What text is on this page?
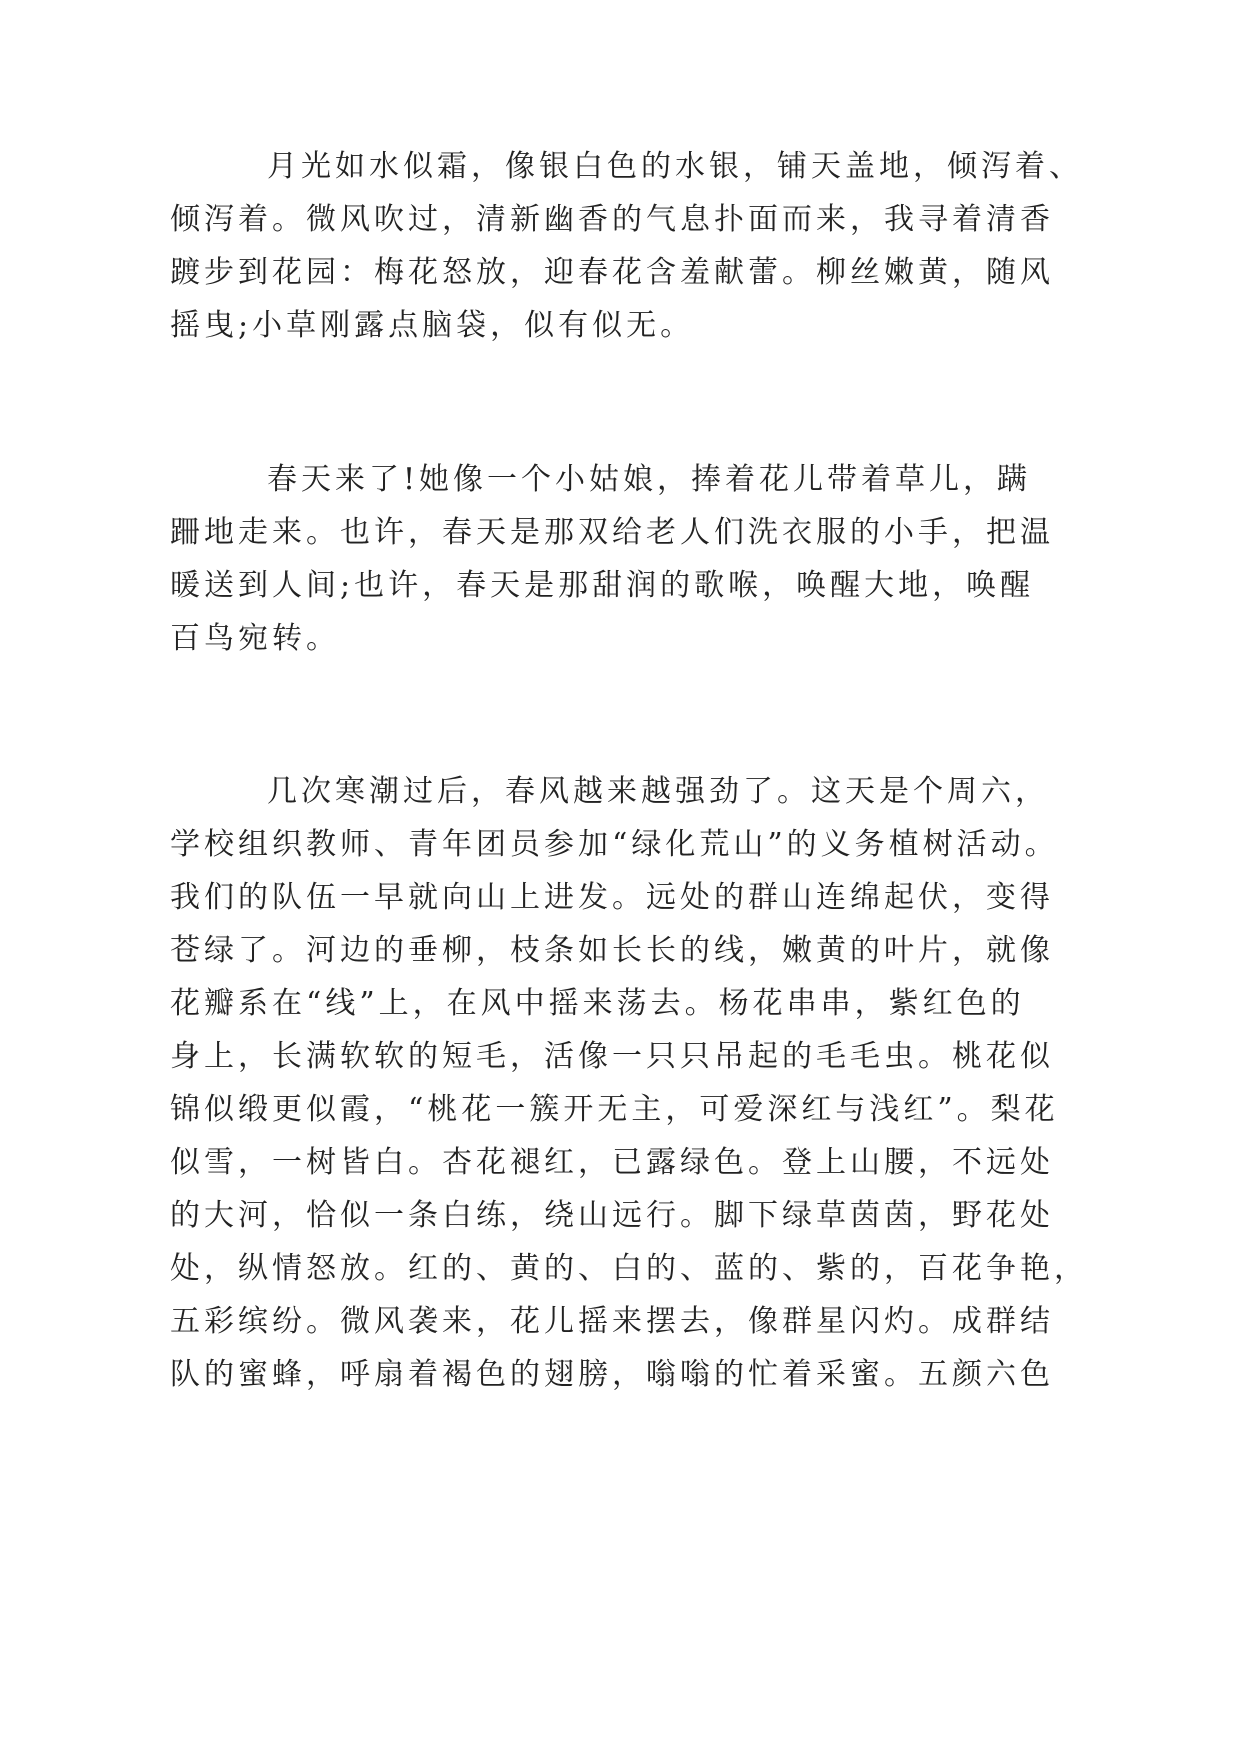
月光如水似霜，像银白色的水银，铺天盖地，倾泻着、
倾泻着。微风吹过，清新幽香的气息扑面而来，我寻着清香
踱步到花园：梅花怒放，迎春花含羞献蕾。柳丝嫩黄，随风
摇曳;小草刚露点脑袋，似有似无。
春天来了!她像一个小姑娘，捧着花儿带着草儿，蹒
跚地走来。也许，春天是那双给老人们洗衣服的小手，把温
暖送到人间;也许，春天是那甜润的歌喉，唤醒大地，唤醒
百鸟宛转。
几次寒潮过后，春风越来越强劲了。这天是个周六，
学校组织教师、青年团员参加“绿化荒山”的义务植树活动。
我们的队伍一早就向山上进发。远处的群山连绵起伏，变得
苍绿了。河边的垂柳，枝条如长长的线，嫩黄的叶片，就像
花瓣系在“线”上，在风中摇来荡去。杨花串串，紫红色的
身上，长满软软的短毛，活像一只只吊起的毛毛虫。桃花似
锦似缎更似霞，“桃花一簇开无主，可爱深红与浅红”。梨花
似雪，一树皆白。杏花褪红，已露绿色。登上山腰，不远处
的大河，恰似一条白练，绕山远行。脚下绿草茵茵，野花处
处，纵情怒放。红的、黄的、白的、蓝的、紫的，百花争艳，
五彩缤纷。微风袭来，花儿摇来摆去，像群星闪灼。成群结
队的蜜蜂，呼扇着褐色的翅膀，嗡嗡的忙着采蜜。五颜六色
